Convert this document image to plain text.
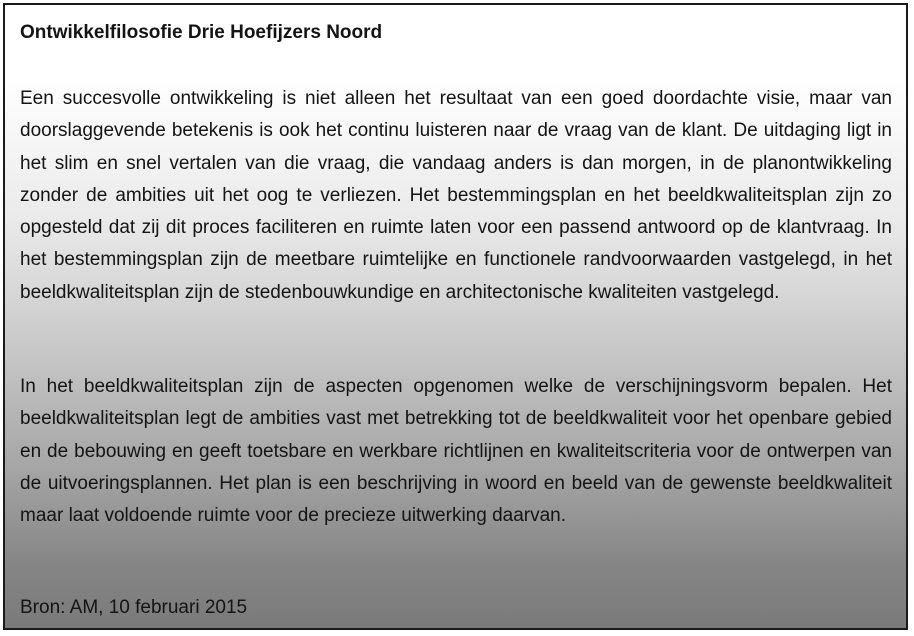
Ontwikkelfilosofie Drie Hoefijzers Noord

Een succesvolle ontwikkeling is niet alleen het resultaat van een goed doordachte visie, maar van doorslaggevende betekenis is ook het continu luisteren naar de vraag van de klant. De uitdaging ligt in het slim en snel vertalen van die vraag, die vandaag anders is dan morgen, in de planontwikkeling zonder de ambities uit het oog te verliezen. Het bestemmingsplan en het beeldkwaliteitsplan zijn zo opgesteld dat zij dit proces faciliteren en ruimte laten voor een passend antwoord op de klantvraag. In het bestemmingsplan zijn de meetbare ruimtelijke en functionele randvoorwaarden vastgelegd, in het beeldkwaliteitsplan zijn de stedenbouwkundige en architectonische kwaliteiten vastgelegd.

In het beeldkwaliteitsplan zijn de aspecten opgenomen welke de verschijningsvorm bepalen. Het beeldkwaliteitsplan legt de ambities vast met betrekking tot de beeldkwaliteit voor het openbare gebied en de bebouwing en geeft toetsbare en werkbare richtlijnen en kwaliteitscriteria voor de ontwerpen van de uitvoeringsplannen. Het plan is een beschrijving in woord en beeld van de gewenste beeldkwaliteit maar laat voldoende ruimte voor de precieze uitwerking daarvan.

Bron: AM, 10 februari 2015
